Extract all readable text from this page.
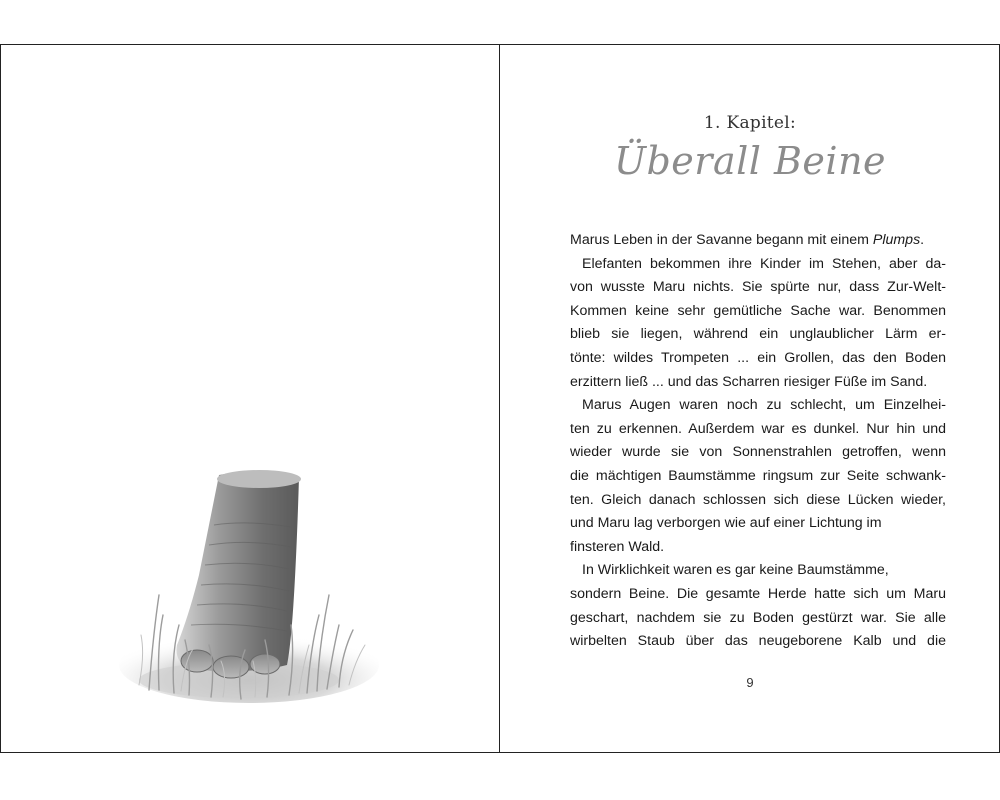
1. Kapitel:
Überall Beine
Marus Leben in der Savanne begann mit einem Plumps.
Elefanten bekommen ihre Kinder im Stehen, aber da-
von wusste Maru nichts. Sie spürte nur, dass Zur-Welt-
Kommen keine sehr gemütliche Sache war. Benommen
blieb sie liegen, während ein unglaublicher Lärm er-
tönte: wildes Trompeten ... ein Grollen, das den Boden
erzittern ließ ... und das Scharren riesiger Füße im Sand.
Marus Augen waren noch zu schlecht, um Einzelhei-
ten zu erkennen. Außerdem war es dunkel. Nur hin und
wieder wurde sie von Sonnenstrahlen getroffen, wenn
die mächtigen Baumstämme ringsum zur Seite schwank-
ten. Gleich danach schlossen sich diese Lücken wieder,
und Maru lag verborgen wie auf einer Lichtung im
finsteren Wald.
In Wirklichkeit waren es gar keine Baumstämme,
sondern Beine. Die gesamte Herde hatte sich um Maru
geschart, nachdem sie zu Boden gestürzt war. Sie alle
wirbelten Staub über das neugeborene Kalb und die
9
